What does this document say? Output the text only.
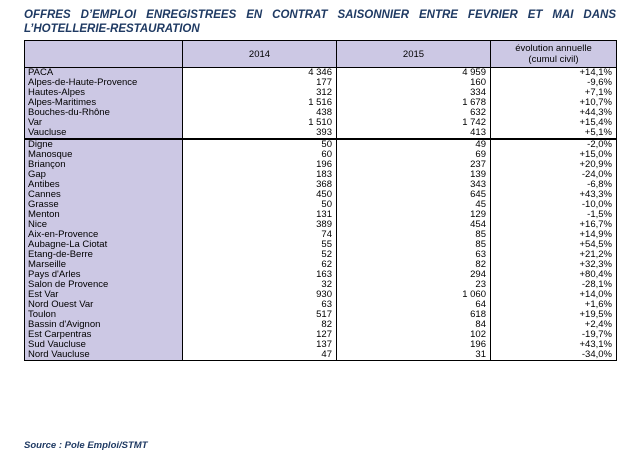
OFFRES D’EMPLOI ENREGISTREES EN CONTRAT SAISONNIER ENTRE FEVRIER ET MAI DANS L’HOTELLERIE-RESTAURATION
	2014	2015	évolution annuelle
(cumul civil)
PACA	4 346	4 959	+14,1%
Alpes-de-Haute-Provence	177	160	-9,6%
Hautes-Alpes	312	334	+7,1%
Alpes-Maritimes	1 516	1 678	+10,7%
Bouches-du-Rhône	438	632	+44,3%
Var	1 510	1 742	+15,4%
Vaucluse	393	413	+5,1%
Digne	50	49	-2,0%
Manosque	60	69	+15,0%
Briançon	196	237	+20,9%
Gap	183	139	-24,0%
Antibes	368	343	-6,8%
Cannes	450	645	+43,3%
Grasse	50	45	-10,0%
Menton	131	129	-1,5%
Nice	389	454	+16,7%
Aix-en-Provence	74	85	+14,9%
Aubagne-La Ciotat	55	85	+54,5%
Etang-de-Berre	52	63	+21,2%
Marseille	62	82	+32,3%
Pays d'Arles	163	294	+80,4%
Salon de Provence	32	23	-28,1%
Est Var	930	1 060	+14,0%
Nord Ouest Var	63	64	+1,6%
Toulon	517	618	+19,5%
Bassin d'Avignon	82	84	+2,4%
Est Carpentras	127	102	-19,7%
Sud Vaucluse	137	196	+43,1%
Nord Vaucluse	47	31	-34,0%
Source : Pole Emploi/STMT
